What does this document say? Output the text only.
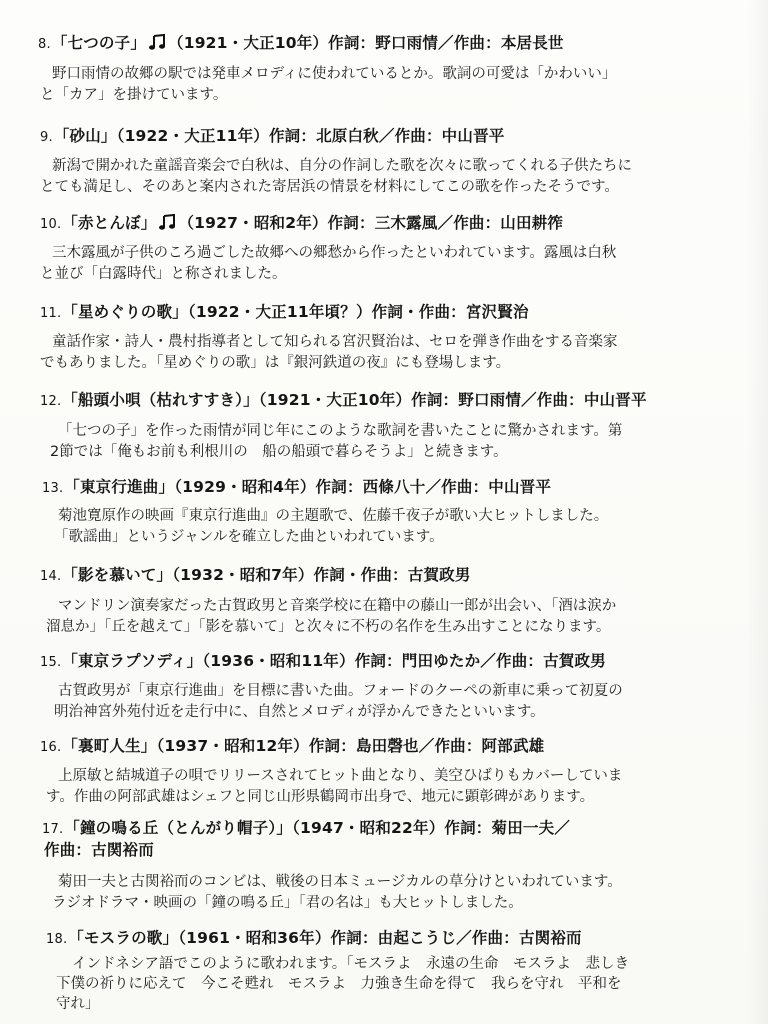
8.「七つの子」 （1921・大正10年）作詞：野口雨情／作曲：本居長世
野口雨情の故郷の駅では発車メロディに使われているとか。歌詞の可愛は「かわいい」
と「カア」を掛けています。
9.「砂山」（1922・大正11年）作詞：北原白秋／作曲：中山晋平
新潟で開かれた童謡音楽会で白秋は、自分の作詞した歌を次々に歌ってくれる子供たちに
とても満足し、そのあと案内された寄居浜の情景を材料にしてこの歌を作ったそうです。
10.「赤とんぼ」 （1927・昭和2年）作詞：三木露風／作曲：山田耕筰
三木露風が子供のころ過ごした故郷への郷愁から作ったといわれています。露風は白秋
と並び「白露時代」と称されました。
11.「星めぐりの歌」（1922・大正11年頃？）作詞・作曲：宮沢賢治
童話作家・詩人・農村指導者として知られる宮沢賢治は、セロを弾き作曲をする音楽家
でもありました。「星めぐりの歌」は『銀河鉄道の夜』にも登場します。
12.「船頭小唄（枯れすすき）」（1921・大正10年）作詞：野口雨情／作曲：中山晋平
「七つの子」を作った雨情が同じ年にこのような歌詞を書いたことに驚かされます。第
2節では「俺もお前も利根川の　船の船頭で暮らそうよ」と続きます。
13.「東京行進曲」（1929・昭和4年）作詞：西條八十／作曲：中山晋平
菊池寛原作の映画『東京行進曲』の主題歌で、佐藤千夜子が歌い大ヒットしました。
「歌謡曲」というジャンルを確立した曲といわれています。
14.「影を慕いて」（1932・昭和7年）作詞・作曲：古賀政男
マンドリン演奏家だった古賀政男と音楽学校に在籍中の藤山一郎が出会い、「酒は涙か
溜息か」「丘を越えて」「影を慕いて」と次々に不朽の名作を生み出すことになります。
15.「東京ラプソディ」（1936・昭和11年）作詞：門田ゆたか／作曲：古賀政男
古賀政男が「東京行進曲」を目標に書いた曲。フォードのクーペの新車に乗って初夏の
明治神宮外苑付近を走行中に、自然とメロディが浮かんできたといいます。
16.「裏町人生」（1937・昭和12年）作詞：島田磬也／作曲：阿部武雄
上原敏と結城道子の唄でリリースされてヒット曲となり、美空ひばりもカバーしていま
す。作曲の阿部武雄はシェフと同じ山形県鶴岡市出身で、地元に顕彰碑があります。
17.「鐘の鳴る丘（とんがり帽子）」（1947・昭和22年）作詞：菊田一夫／
作曲：古関裕而
菊田一夫と古関裕而のコンビは、戦後の日本ミュージカルの草分けといわれています。
ラジオドラマ・映画の「鐘の鳴る丘」「君の名は」も大ヒットしました。
18.「モスラの歌」（1961・昭和36年）作詞：由起こうじ／作曲：古関裕而
インドネシア語でこのように歌われます。「モスラよ　永遠の生命　モスラよ　悲しき
下僕の祈りに応えて　今こそ甦れ　モスラよ　力強き生命を得て　我らを守れ　平和を
守れ」
